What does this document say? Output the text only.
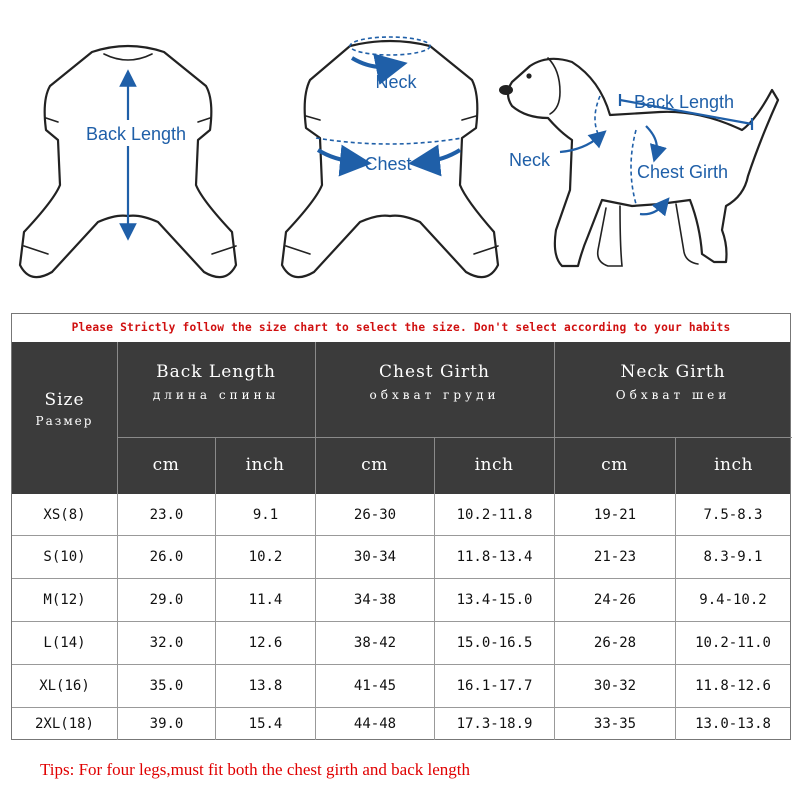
Back Length
Neck
Chest
Back Length
Neck
Chest Girth
Please Strictly follow the size chart to select the size. Don't select according to your habits
Size
Размер
Back Length
длина спины
Chest Girth
обхват груди
Neck Girth
Обхват шеи
cm	inch	cm	inch	cm	inch
XS(8)	23.0	9.1	26-30	10.2-11.8	19-21	7.5-8.3
S(10)	26.0	10.2	30-34	11.8-13.4	21-23	8.3-9.1
M(12)	29.0	11.4	34-38	13.4-15.0	24-26	9.4-10.2
L(14)	32.0	12.6	38-42	15.0-16.5	26-28	10.2-11.0
XL(16)	35.0	13.8	41-45	16.1-17.7	30-32	11.8-12.6
2XL(18)	39.0	15.4	44-48	17.3-18.9	33-35	13.0-13.8
Tips: For four legs,must fit both the chest girth and back length
